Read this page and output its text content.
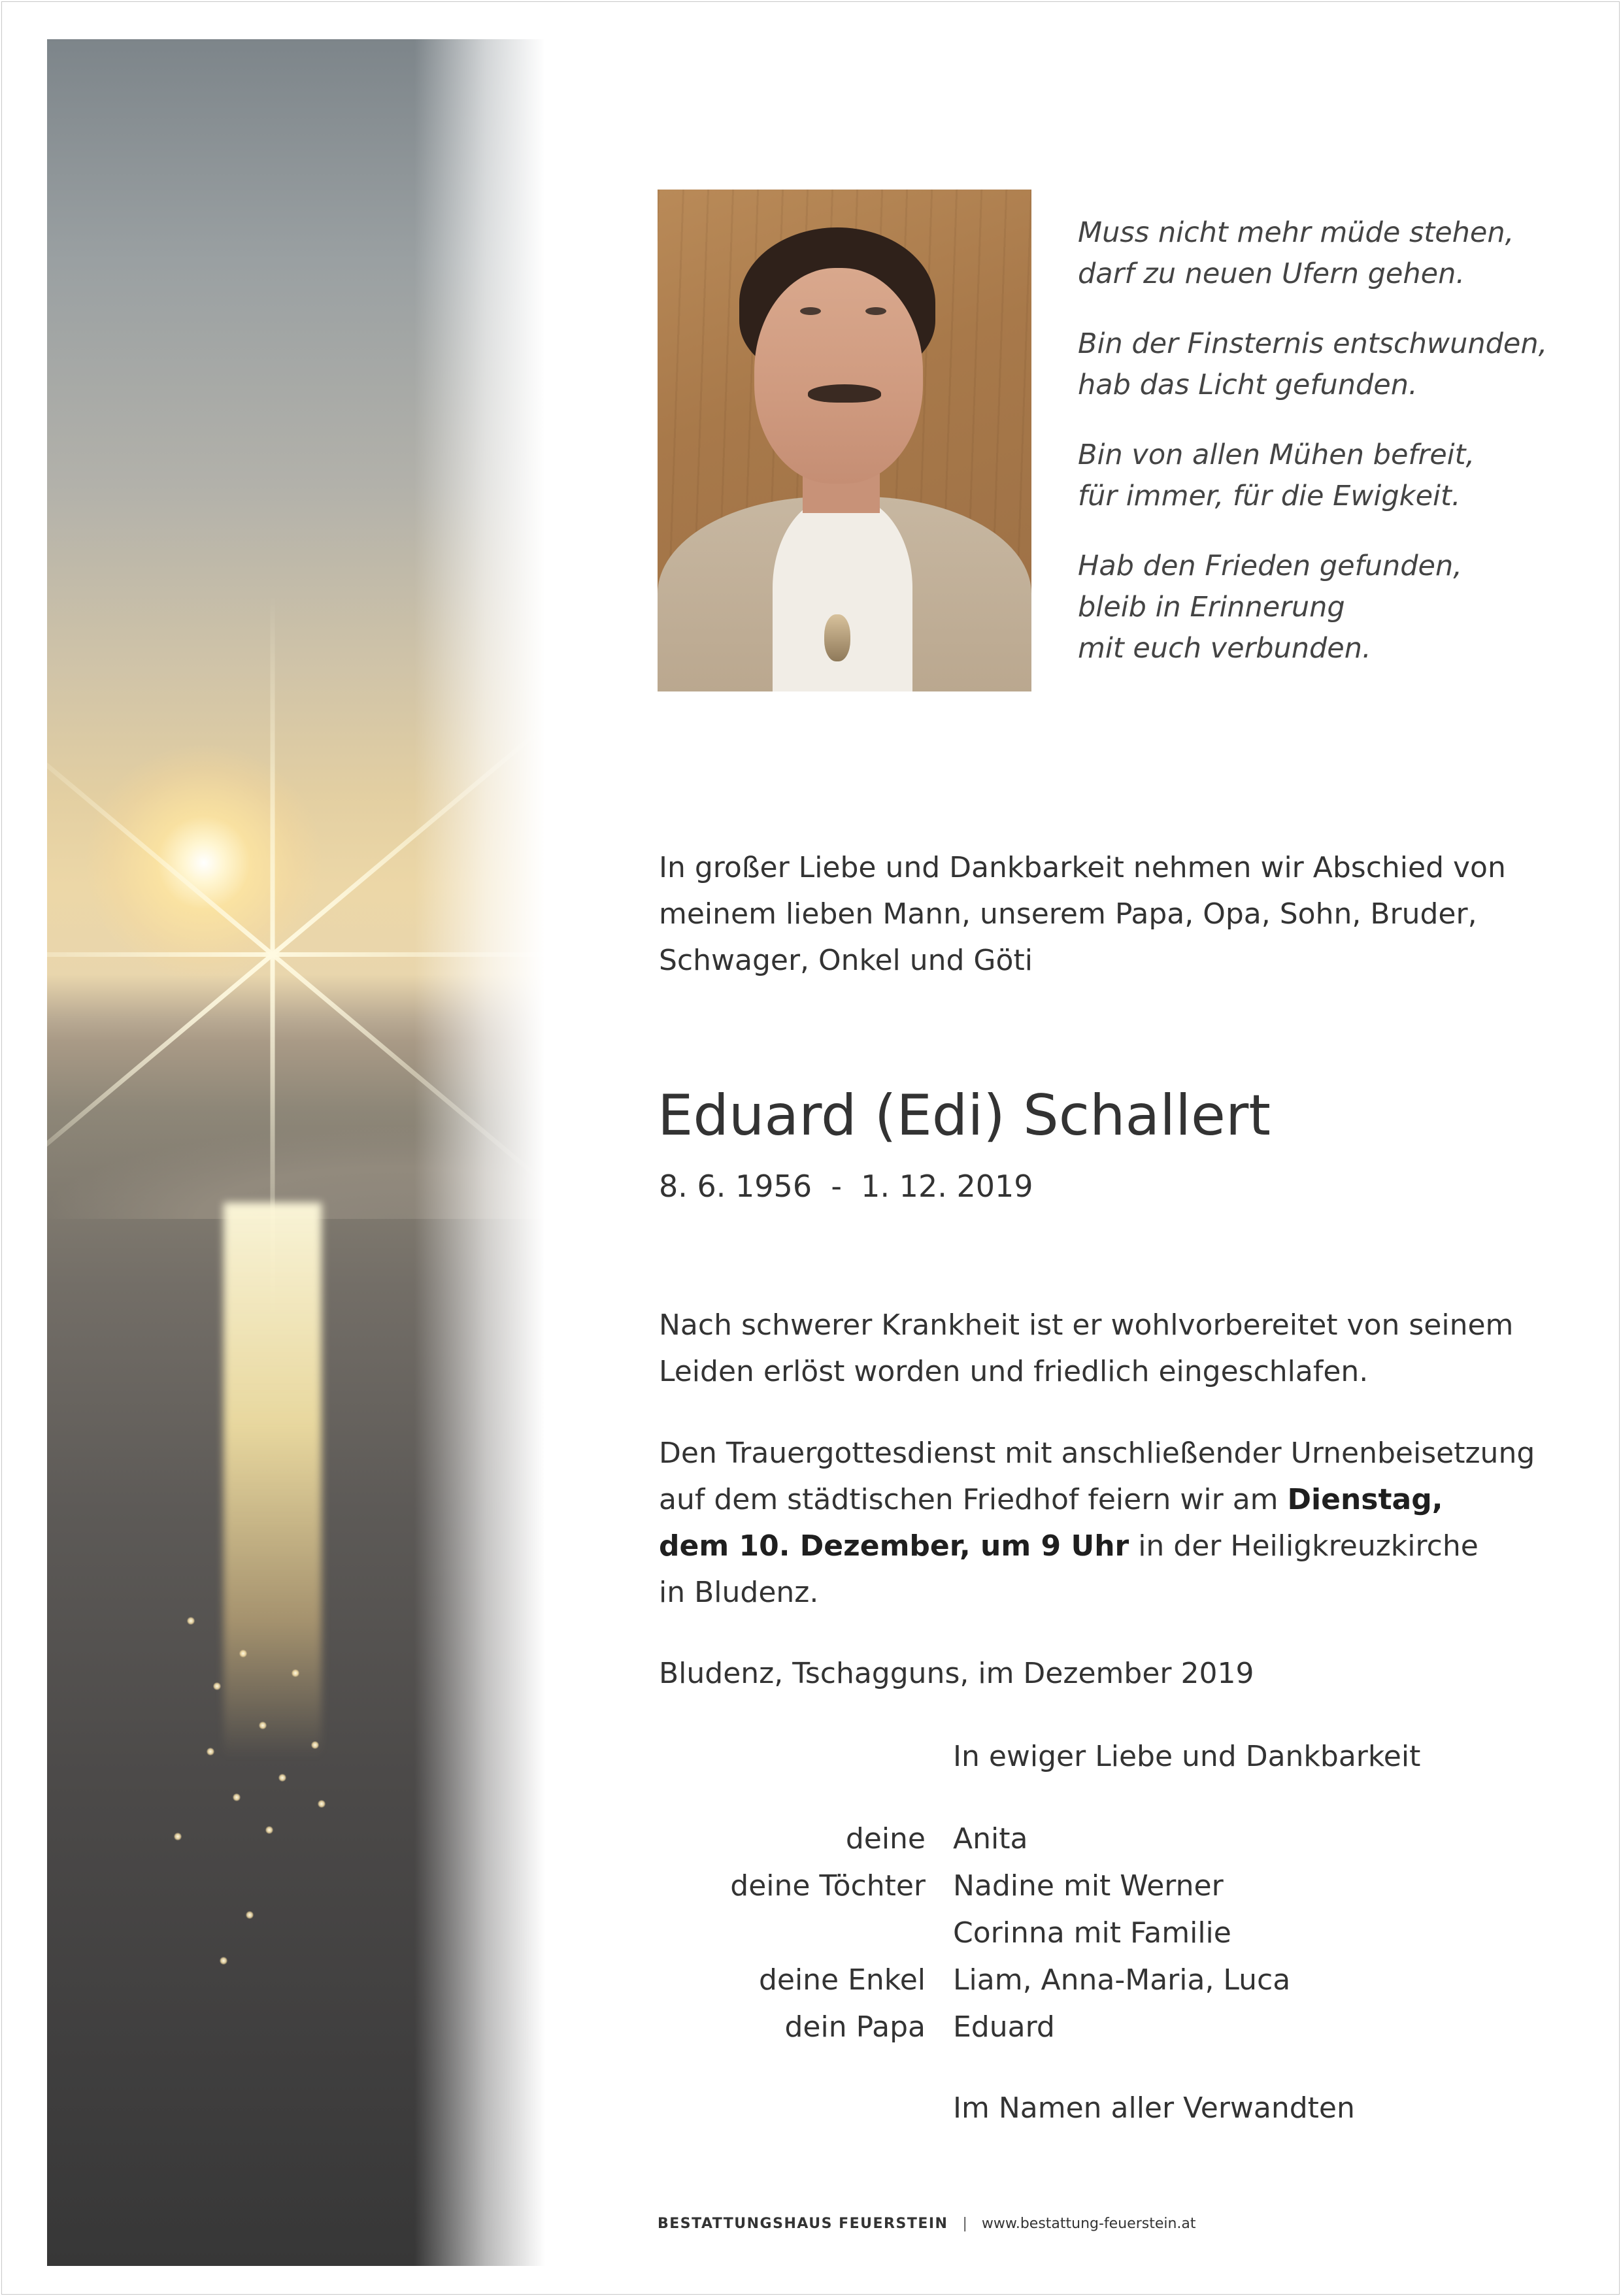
Muss nicht mehr müde stehen,
darf zu neuen Ufern gehen.

Bin der Finsternis entschwunden,
hab das Licht gefunden.

Bin von allen Mühen befreit,
für immer, für die Ewigkeit.

Hab den Frieden gefunden,
bleib in Erinnerung
mit euch verbunden.

In großer Liebe und Dankbarkeit nehmen wir Abschied von
meinem lieben Mann, unserem Papa, Opa, Sohn, Bruder,
Schwager, Onkel und Göti
Eduard (Edi) Schallert
8. 6. 1956  -  1. 12. 2019

Nach schwerer Krankheit ist er wohlvorbereitet von seinem
Leiden erlöst worden und friedlich eingeschlafen.

Den Trauergottesdienst mit anschließender Urnenbeisetzung
auf dem städtischen Friedhof feiern wir am Dienstag,
dem 10. Dezember, um 9 Uhr in der Heiligkreuzkirche
in Bludenz.

Bludenz, Tschagguns, im Dezember 2019
In ewiger Liebe und Dankbarkeit
deine Anita
deine Töchter Nadine mit Werner
Corinna mit Familie
deine Enkel Liam, Anna-Maria, Luca
dein Papa Eduard
Im Namen aller Verwandten
BESTATTUNGSHAUS FEUERSTEIN | www.bestattung-feuerstein.at
